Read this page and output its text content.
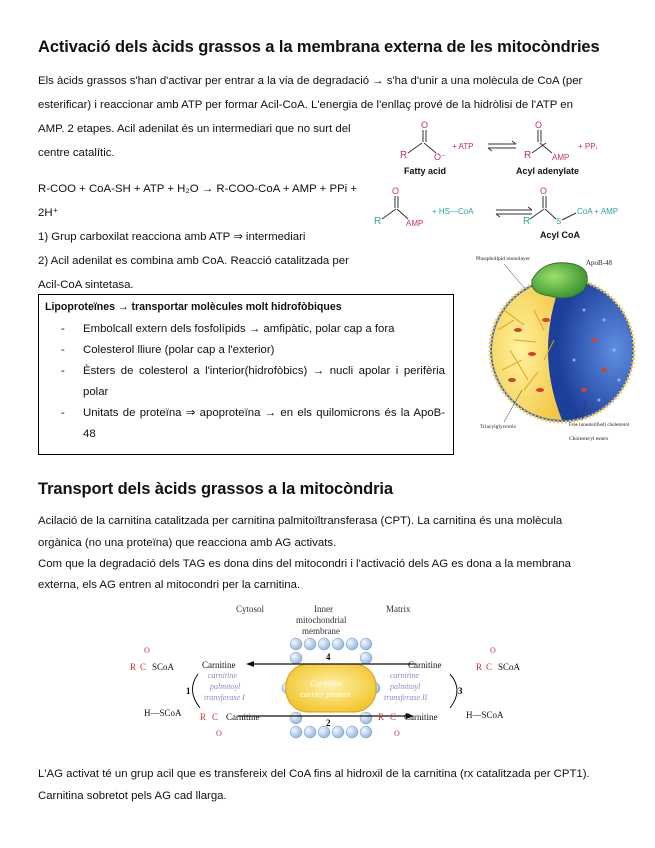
Activació dels àcids grassos a la membrana externa de les mitocòndries
Els àcids grassos s'han d'activar per entrar a la via de degradació → s'ha d'unir a una molècula de CoA (per
esterificar) i reaccionar amb ATP per formar Acil-CoA. L'energia de l'enllaç prové de la hidròlisi de l'ATP en
AMP. 2 etapes. Acil adenilat és un intermediari que no surt del
centre catalític.
R-COO + CoA-SH + ATP + H₂O → R-COO-CoA + AMP + PPi +
2H⁺
1) Grup carboxilat reacciona amb ATP ⇒ intermediari
2) Acil adenilat es combina amb CoA. Reacció catalitzada per
Acil-CoA sintetasa.
R
O
O⁻
Fatty acid
+ ATP
R
O
AMP
Acyl adenylate
+ PPᵢ
R
O
AMP
+ HS—CoA
R
O
S
CoA + AMP
Acyl CoA
Lipoproteïnes → transportar molècules molt hidrofòbiques
- Embolcall extern dels fosfolípids → amfipàtic, polar cap a fora
- Colesterol lliure (polar cap a l'exterior)
- Èsters de colesterol a l'interior(hidrofòbics) → nucli apolar i perifèria polar
- Unitats de proteïna ⇒ apoproteïna → en els quilomicrons és la ApoB-48
Phospholipid monolayer	ApoB-48
Triacylglycerols	Free (unesterified) cholesterol
Cholesteryl esters
Transport dels àcids grassos a la mitocòndria
Acilació de la carnitina catalitzada per carnitina palmitoïltransferasa (CPT). La carnitina és una molècula
orgànica (no una proteïna) que reacciona amb AG activats.
Com que la degradació dels TAG es dona dins del mitocondri i l'activació dels AG es dona a la membrana
externa, els AG entren al mitocondri per la carnitina.
Cytosol	Inner
mitochondrial
membrane
Matrix
Carnitine
carrier protein
4
2
Carnitine
R C
O
SCoA
carnitine
palmitoyl
transferase I
1
H—SCoA R C
O
Carnitine
Carnitine	R C
O
SCoA
carnitine
palmitoyl
transferase II
3
H—SCoA
R C
O
Carnitine
L'AG activat té un grup acil que es transfereix del CoA fins al hidroxil de la carnitina (rx catalitzada per CPT1).
Carnitina sobretot pels AG cad llarga.
